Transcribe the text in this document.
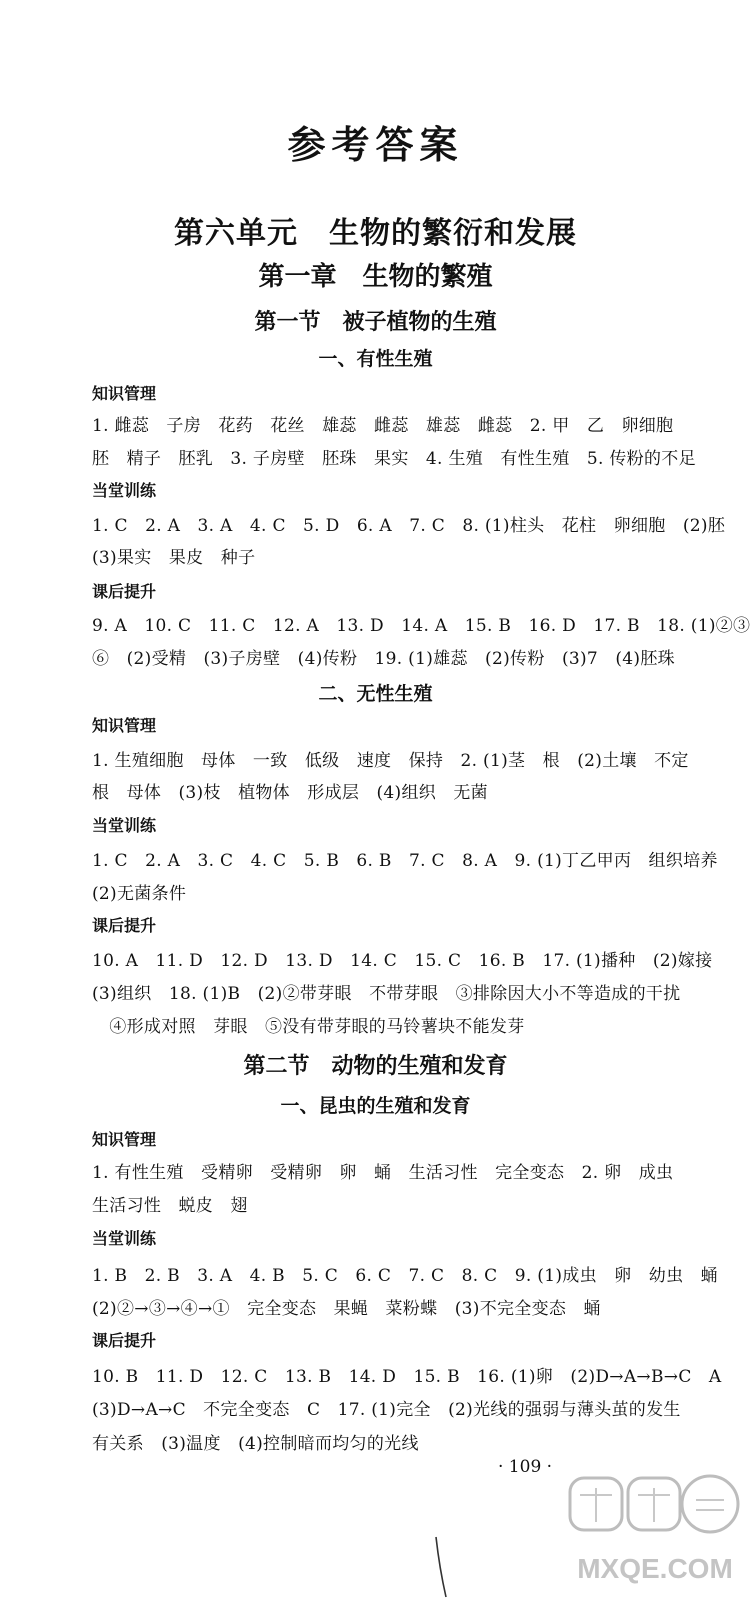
参考答案
第六单元　生物的繁衍和发展
第一章　生物的繁殖
第一节　被子植物的生殖
一、有性生殖
知识管理
1. 雌蕊　子房　花药　花丝　雄蕊　雌蕊　雄蕊　雌蕊　2. 甲　乙　卵细胞
胚　精子　胚乳　3. 子房壁　胚珠　果实　4. 生殖　有性生殖　5. 传粉的不足
当堂训练
1. C　2. A　3. A　4. C　5. D　6. A　7. C　8. (1)柱头　花柱　卵细胞　(2)胚
(3)果实　果皮　种子
课后提升
9. A　10. C　11. C　12. A　13. D　14. A　15. B　16. D　17. B　18. (1)②③
⑥　(2)受精　(3)子房壁　(4)传粉　19. (1)雄蕊　(2)传粉　(3)7　(4)胚珠
二、无性生殖
知识管理
1. 生殖细胞　母体　一致　低级　速度　保持　2. (1)茎　根　(2)土壤　不定
根　母体　(3)枝　植物体　形成层　(4)组织　无菌
当堂训练
1. C　2. A　3. C　4. C　5. B　6. B　7. C　8. A　9. (1)丁乙甲丙　组织培养
(2)无菌条件
课后提升
10. A　11. D　12. D　13. D　14. C　15. C　16. B　17. (1)播种　(2)嫁接
(3)组织　18. (1)B　(2)②带芽眼　不带芽眼　③排除因大小不等造成的干扰
　④形成对照　芽眼　⑤没有带芽眼的马铃薯块不能发芽
第二节　动物的生殖和发育
一、昆虫的生殖和发育
知识管理
1. 有性生殖　受精卵　受精卵　卵　蛹　生活习性　完全变态　2. 卵　成虫
生活习性　蜕皮　翅
当堂训练
1. B　2. B　3. A　4. B　5. C　6. C　7. C　8. C　9. (1)成虫　卵　幼虫　蛹
(2)②→③→④→①　完全变态　果蝇　菜粉蝶　(3)不完全变态　蛹
课后提升
10. B　11. D　12. C　13. B　14. D　15. B　16. (1)卵　(2)D→A→B→C　A
(3)D→A→C　不完全变态　C　17. (1)完全　(2)光线的强弱与薄头茧的发生
有关系　(3)温度　(4)控制暗而均匀的光线
· 109 ·
MXQE.COM
